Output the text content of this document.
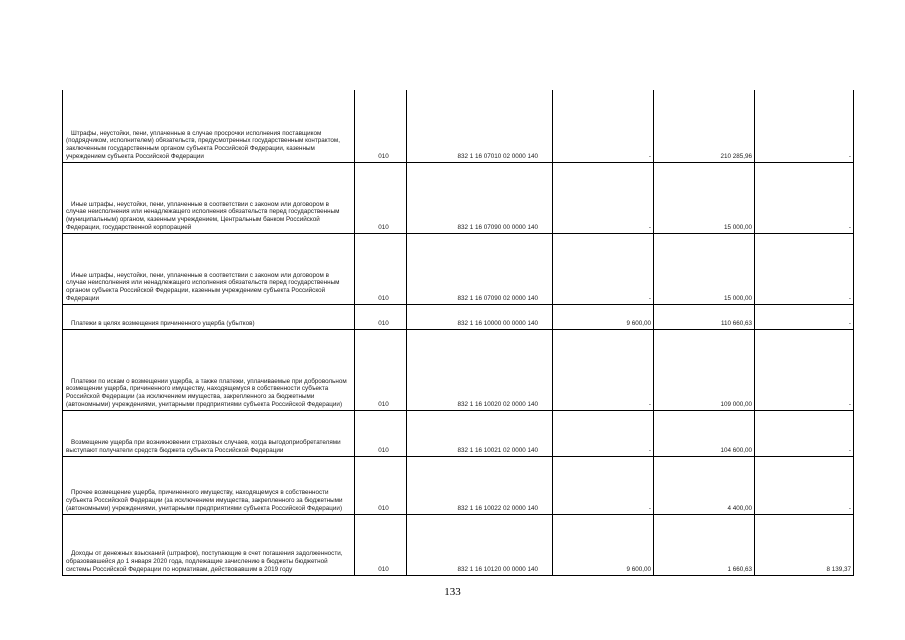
Штрафы, неустойки, пени, уплаченные в случае просрочки исполнения поставщиком (подрядчиком, исполнителем) обязательств, предусмотренных государственным контрактом, заключенным государственным органом субъекта Российской Федерации, казенным учреждением субъекта Российской Федерации	010	832 1 16 07010 02 0000 140	-	210 285,96	-
Иные штрафы, неустойки, пени, уплаченные в соответствии с законом или договором в случае неисполнения или ненадлежащего исполнения обязательств перед государственным (муниципальным) органом, казенным учреждением, Центральным банком Российской Федерации, государственной корпорацией	010	832 1 16 07090 00 0000 140	-	15 000,00	-
Иные штрафы, неустойки, пени, уплаченные в соответствии с законом или договором в случае неисполнения или ненадлежащего исполнения обязательств перед государственным органом субъекта Российской Федерации, казенным учреждением субъекта Российской Федерации	010	832 1 16 07090 02 0000 140	-	15 000,00	-
Платежи в целях возмещения причиненного ущерба (убытков)	010	832 1 16 10000 00 0000 140	9 600,00	110 660,63	-
Платежи по искам о возмещении ущерба, а также платежи, уплачиваемые при добровольном возмещении ущерба, причиненного имуществу, находящемуся в собственности субъекта Российской Федерации (за исключением имущества, закрепленного за бюджетными (автономными) учреждениями, унитарными предприятиями субъекта Российской Федерации)	010	832 1 16 10020 02 0000 140	-	109 000,00	-
Возмещение ущерба при возникновении страховых случаев, когда выгодоприобретателями выступают получатели средств бюджета субъекта Российской Федерации	010	832 1 16 10021 02 0000 140	-	104 600,00	-
Прочее возмещение ущерба, причиненного имуществу, находящемуся в собственности субъекта Российской Федерации (за исключением имущества, закрепленного за бюджетными (автономными) учреждениями, унитарными предприятиями субъекта Российской Федерации)	010	832 1 16 10022 02 0000 140	-	4 400,00	-
Доходы от денежных взысканий (штрафов), поступающие в счет погашения задолженности, образовавшейся до 1 января 2020 года, подлежащие зачислению в бюджеты бюджетной системы Российской Федерации по нормативам, действовавшим в 2019 году	010	832 1 16 10120 00 0000 140	9 600,00	1 660,63	8 139,37
133
